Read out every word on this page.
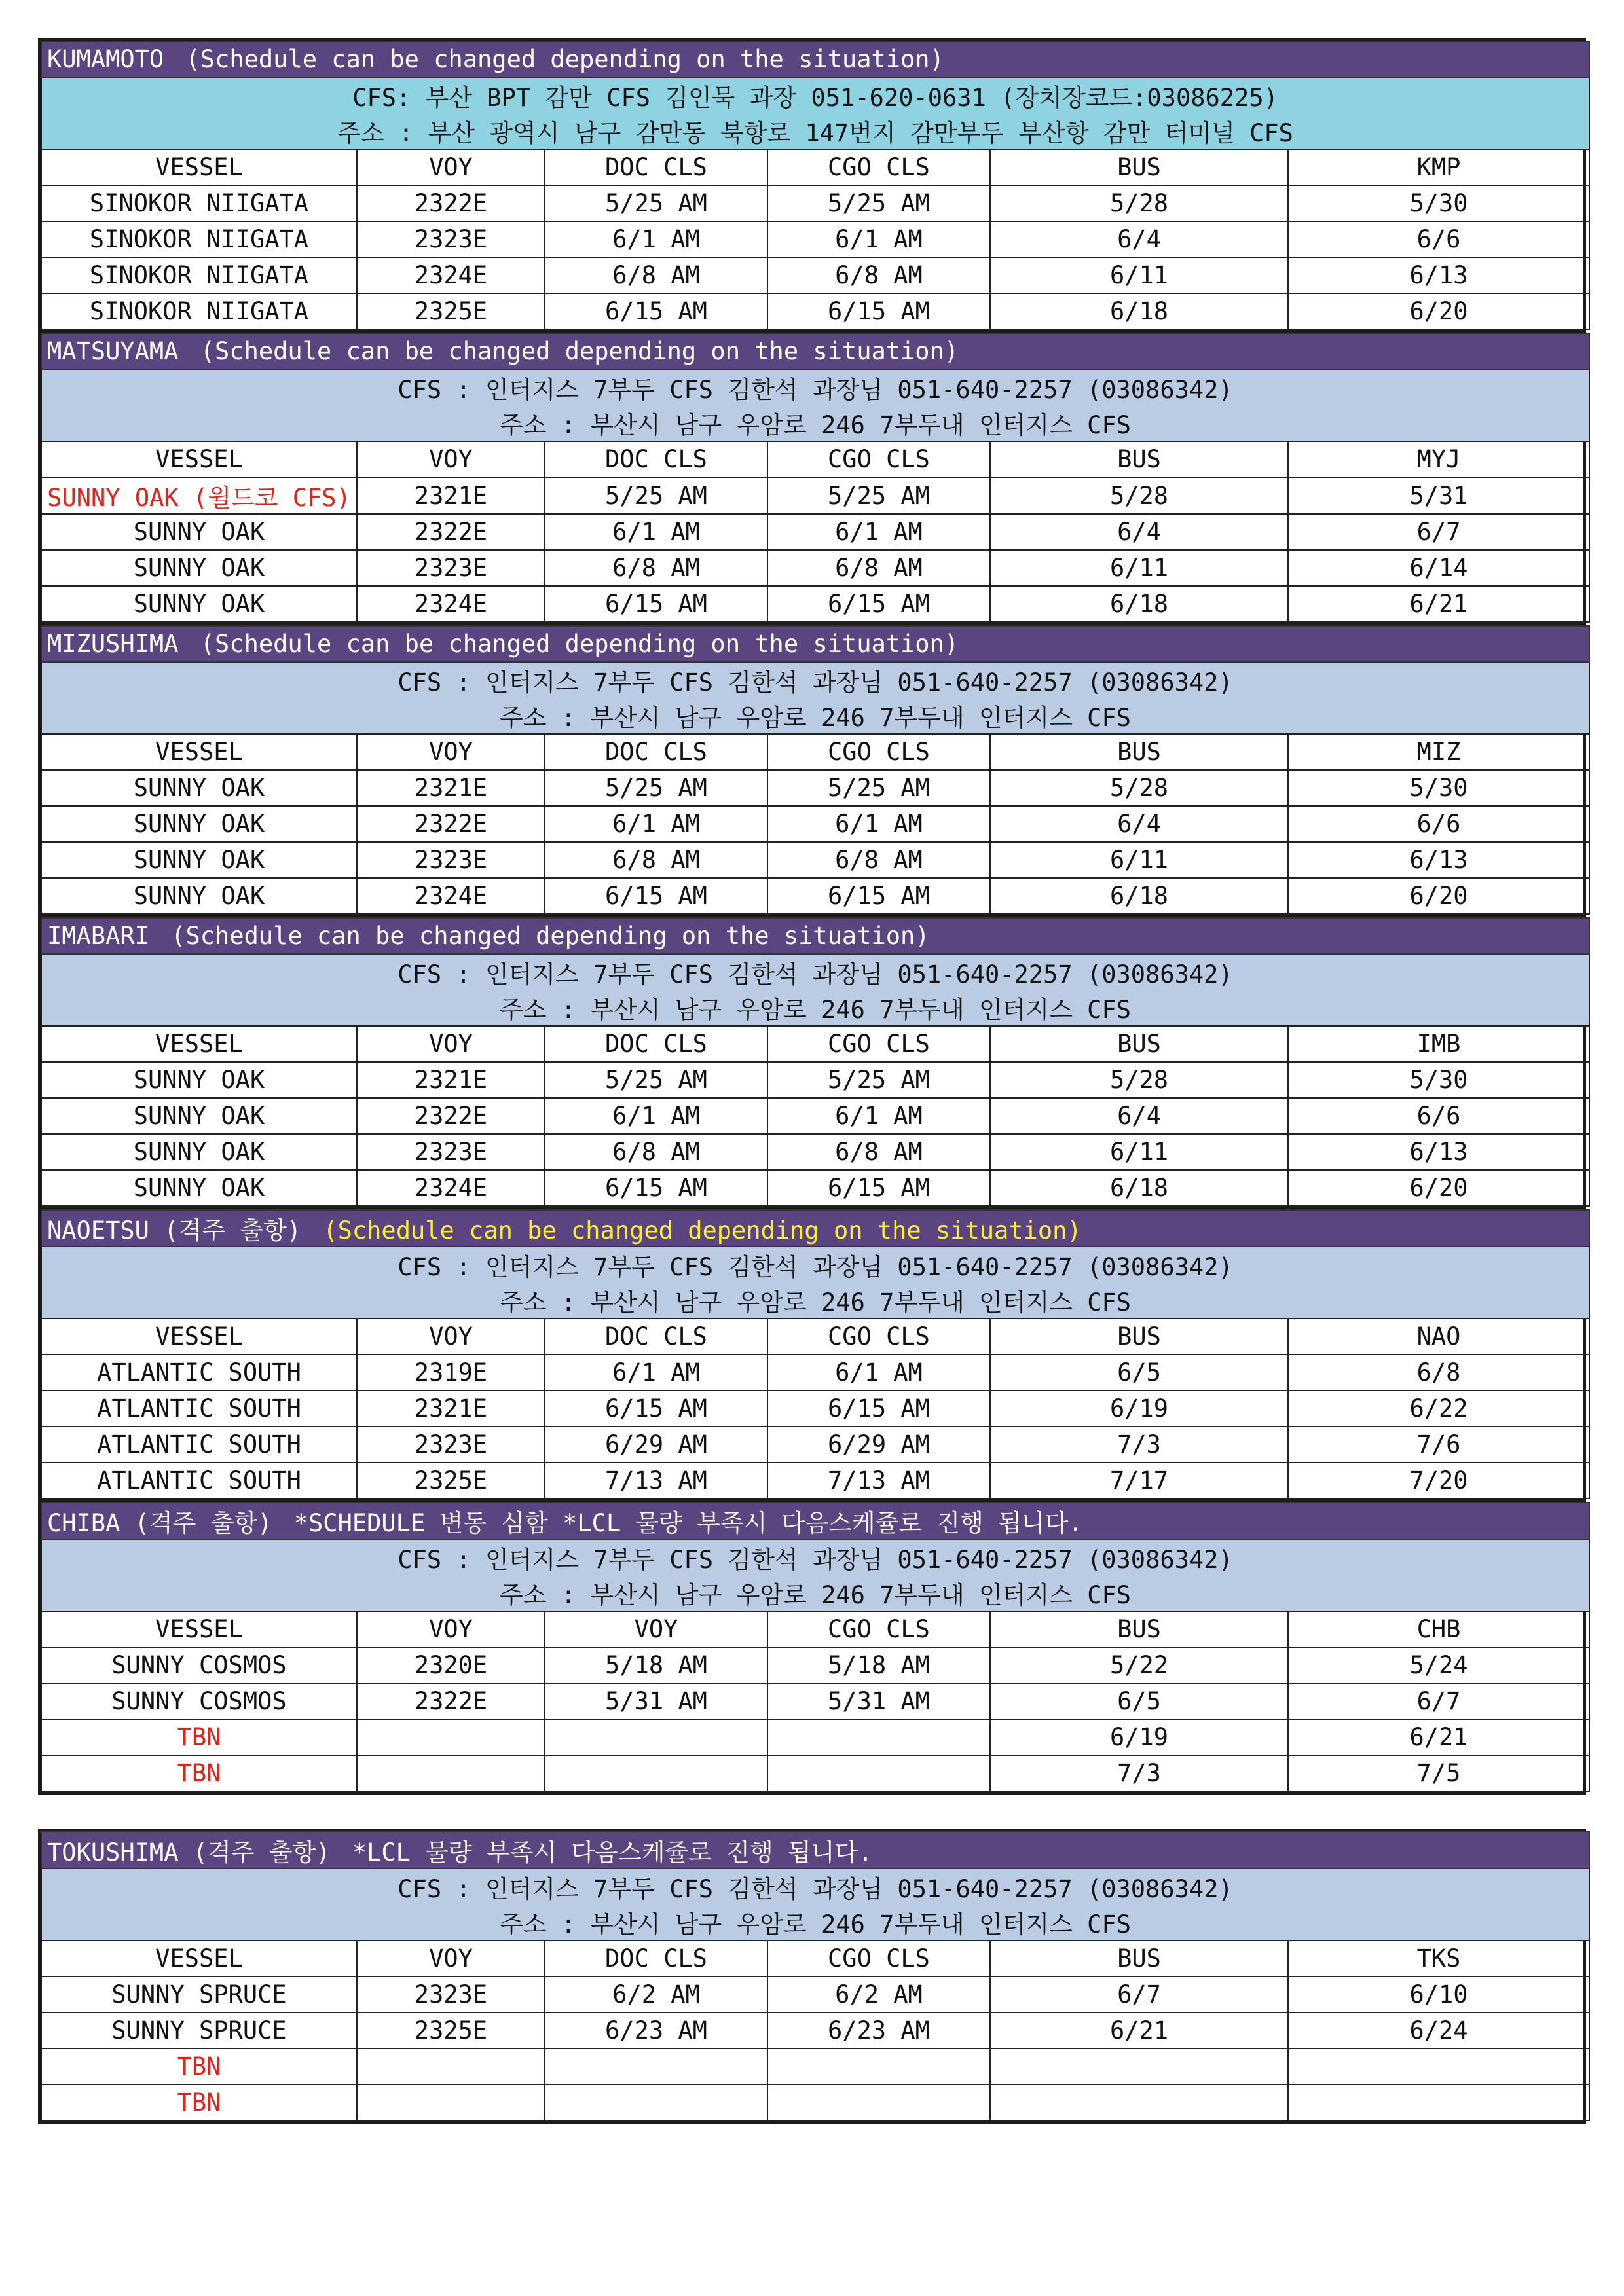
KUMAMOTO (Schedule can be changed depending on the situation)					
CFS: 부산 BPT 감만 CFS 김인묵 과장 051-620-0631 (장치장코드:03086225)					
주소 : 부산 광역시 남구 감만동 북항로 147번지 감만부두 부산항 감만 터미널 CFS					
VESSEL	VOY	DOC CLS	CGO CLS	BUS	KMP
SINOKOR NIIGATA	2322E	5/25 AM	5/25 AM	5/28	5/30
SINOKOR NIIGATA	2323E	6/1 AM	6/1 AM	6/4	6/6
SINOKOR NIIGATA	2324E	6/8 AM	6/8 AM	6/11	6/13
SINOKOR NIIGATA	2325E	6/15 AM	6/15 AM	6/18	6/20
MATSUYAMA (Schedule can be changed depending on the situation)					
CFS : 인터지스 7부두 CFS 김한석 과장님 051-640-2257 (03086342)					
주소 : 부산시 남구 우암로 246 7부두내 인터지스 CFS					
VESSEL	VOY	DOC CLS	CGO CLS	BUS	MYJ
SUNNY OAK (윌드코 CFS)	2321E	5/25 AM	5/25 AM	5/28	5/31
SUNNY OAK	2322E	6/1 AM	6/1 AM	6/4	6/7
SUNNY OAK	2323E	6/8 AM	6/8 AM	6/11	6/14
SUNNY OAK	2324E	6/15 AM	6/15 AM	6/18	6/21
MIZUSHIMA (Schedule can be changed depending on the situation)					
CFS : 인터지스 7부두 CFS 김한석 과장님 051-640-2257 (03086342)					
주소 : 부산시 남구 우암로 246 7부두내 인터지스 CFS					
VESSEL	VOY	DOC CLS	CGO CLS	BUS	MIZ
SUNNY OAK	2321E	5/25 AM	5/25 AM	5/28	5/30
SUNNY OAK	2322E	6/1 AM	6/1 AM	6/4	6/6
SUNNY OAK	2323E	6/8 AM	6/8 AM	6/11	6/13
SUNNY OAK	2324E	6/15 AM	6/15 AM	6/18	6/20
IMABARI (Schedule can be changed depending on the situation)					
CFS : 인터지스 7부두 CFS 김한석 과장님 051-640-2257 (03086342)					
주소 : 부산시 남구 우암로 246 7부두내 인터지스 CFS					
VESSEL	VOY	DOC CLS	CGO CLS	BUS	IMB
SUNNY OAK	2321E	5/25 AM	5/25 AM	5/28	5/30
SUNNY OAK	2322E	6/1 AM	6/1 AM	6/4	6/6
SUNNY OAK	2323E	6/8 AM	6/8 AM	6/11	6/13
SUNNY OAK	2324E	6/15 AM	6/15 AM	6/18	6/20
NAOETSU (격주 출항) (Schedule can be changed depending on the situation)					
CFS : 인터지스 7부두 CFS 김한석 과장님 051-640-2257 (03086342)					
주소 : 부산시 남구 우암로 246 7부두내 인터지스 CFS					
VESSEL	VOY	DOC CLS	CGO CLS	BUS	NAO
ATLANTIC SOUTH	2319E	6/1 AM	6/1 AM	6/5	6/8
ATLANTIC SOUTH	2321E	6/15 AM	6/15 AM	6/19	6/22
ATLANTIC SOUTH	2323E	6/29 AM	6/29 AM	7/3	7/6
ATLANTIC SOUTH	2325E	7/13 AM	7/13 AM	7/17	7/20
CHIBA (격주 출항) *SCHEDULE 변동 심함 *LCL 물량 부족시 다음스케쥴로 진행 됩니다.					
CFS : 인터지스 7부두 CFS 김한석 과장님 051-640-2257 (03086342)					
주소 : 부산시 남구 우암로 246 7부두내 인터지스 CFS					
VESSEL	VOY	VOY	CGO CLS	BUS	CHB
SUNNY COSMOS	2320E	5/18 AM	5/18 AM	5/22	5/24
SUNNY COSMOS	2322E	5/31 AM	5/31 AM	6/5	6/7
TBN				6/19	6/21
TBN				7/3	7/5
TOKUSHIMA (격주 출항) *LCL 물량 부족시 다음스케쥴로 진행 됩니다.					
CFS : 인터지스 7부두 CFS 김한석 과장님 051-640-2257 (03086342)					
주소 : 부산시 남구 우암로 246 7부두내 인터지스 CFS					
VESSEL	VOY	DOC CLS	CGO CLS	BUS	TKS
SUNNY SPRUCE	2323E	6/2 AM	6/2 AM	6/7	6/10
SUNNY SPRUCE	2325E	6/23 AM	6/23 AM	6/21	6/24
TBN					
TBN					
